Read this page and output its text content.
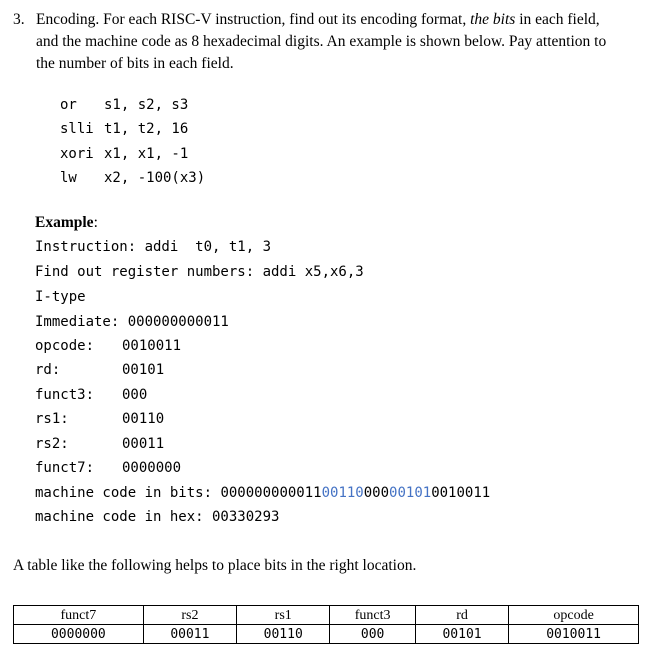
3. Encoding. For each RISC-V instruction, find out its encoding format, the bits in each field,
and the machine code as 8 hexadecimal digits. An example is shown below. Pay attention to
the number of bits in each field.
or s1, s2, s3
slli t1, t2, 16
xori x1, x1, -1
lw x2, -100(x3)
Example:
Instruction: addi  t0, t1, 3
Find out register numbers: addi x5,x6,3
I-type
Immediate: 000000000011
opcode: 0010011
rd:	00101
funct3: 000
rs1:	00110
rs2:	00011
funct7: 0000000
machine code in bits: 00000000001100110000001010010011
machine code in hex: 00330293
A table like the following helps to place bits in the right location.
funct7	rs2	rs1	funct3	rd	opcode
0000000	00011	00110	000	00101	0010011
